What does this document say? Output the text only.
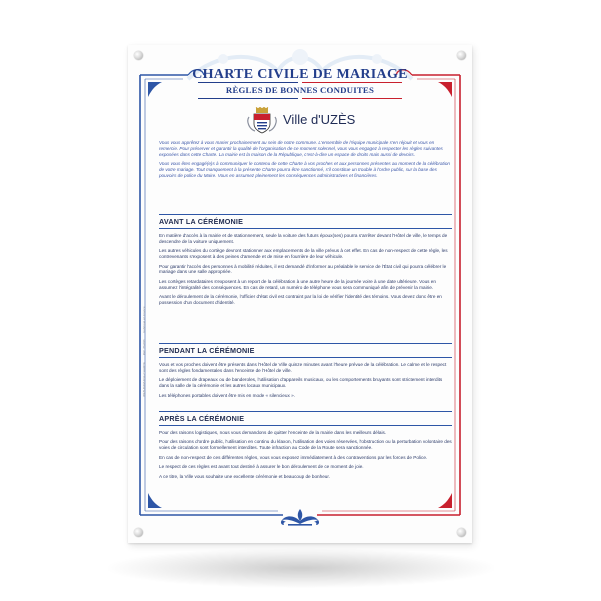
CHARTE CIVILE DE MARIAGE
RÈGLES DE BONNES CONDUITES
Ville d'UZÈS

Vous vous apprêtez à vous marier prochainement au sein de notre commune. L'ensemble de l'équipe municipale s'en réjouit et vous en remercie. Pour préserver et garantir la qualité de l'organisation de ce moment solennel, vous vous engagez à respecter les règles suivantes exposées dans cette Charte. La mairie est la maison de la République, c'est-à-dire un espace de droits mais aussi de devoirs.

Vous vous êtes engagé(e)s à communiquer le contenu de cette Charte à vos proches et aux personnes présentes au moment de la célébration de votre mariage. Tout manquement à la présente Charte pourra être sanctionné, s'il constitue un trouble à l'ordre public, sur la base des pouvoirs de police du Maire. Vous en assumez pleinement les conséquences administratives et financières.

AVANT LA CÉRÉMONIE

En matière d'accès à la mairie et de stationnement, seule la voiture des futurs époux(ses) pourra s'arrêter devant l'Hôtel de ville, le temps de descendre de la voiture uniquement.

Les autres véhicules du cortège devront stationner aux emplacements de la ville prévus à cet effet. En cas de non-respect de cette règle, les contrevenants s'exposent à des peines d'amende et de mise en fourrière de leur véhicule.

Pour garantir l'accès des personnes à mobilité réduites, il est demandé d'informer au préalable le service de l'État civil qui pourra célébrer le mariage dans une salle appropriée.

Les cortèges retardataires s'exposent à un report de la célébration à une autre heure de la journée voire à une date ultérieure. Vous en assumez l'intégralité des conséquences. En cas de retard, un numéro de téléphone vous sera communiqué afin de prévenir la mairie.

Avant le déroulement de la cérémonie, l'officier d'état civil est contraint par la loi de vérifier l'identité des témoins. Vous devez donc être en possession d'un document d'identité.

PENDANT LA CÉRÉMONIE

Vous et vos proches doivent être présents dans l'Hôtel de Ville quinze minutes avant l'heure prévue de la célébration. Le calme et le respect sont des règles fondamentales dans l'enceinte de l'Hôtel de ville.

Le déploiement de drapeaux ou de banderoles, l'utilisation d'appareils musicaux, ou les comportements bruyants sont strictement interdits dans la salle de la cérémonie et les autres locaux municipaux.

Les téléphones portables doivent être mis en mode « silencieux ».

APRÈS LA CÉRÉMONIE

Pour des raisons logistiques, nous vous demandons de quitter l'enceinte de la mairie dans les meilleurs délais.

Pour des raisons d'ordre public, l'utilisation en continu du klaxon, l'utilisation des voies réservées, l'obstruction ou la perturbation volontaire des voies de circulation sont formellement interdites. Toute infraction au Code de la Route sera sanctionnée.

En cas de non-respect de ces différentes règles, vous vous exposez immédiatement à des contraventions par les forces de Police.

Le respect de ces règles est avant tout destiné à assurer le bon déroulement de ce moment de joie.

A ce titre, la Ville vous souhaite une excellente cérémonie et beaucoup de bonheur.

WEB-MARIAGE-CHARTE Réf. 70-000 Fabriqué en France
